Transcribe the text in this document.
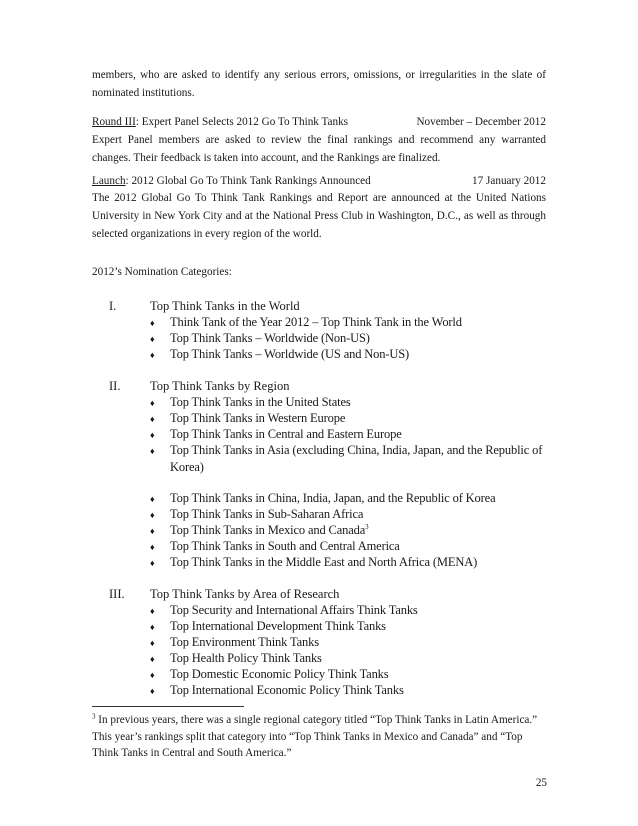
members, who are asked to identify any serious errors, omissions, or irregularities in the slate of nominated institutions.
Round III: Expert Panel Selects 2012 Go To Think Tanks	November – December 2012
Expert Panel members are asked to review the final rankings and recommend any warranted changes. Their feedback is taken into account, and the Rankings are finalized.
Launch: 2012 Global Go To Think Tank Rankings Announced	17 January 2012
The 2012 Global Go To Think Tank Rankings and Report are announced at the United Nations University in New York City and at the National Press Club in Washington, D.C., as well as through selected organizations in every region of the world.
2012’s Nomination Categories:
I.	Top Think Tanks in the World
♦ Think Tank of the Year 2012 – Top Think Tank in the World
♦ Top Think Tanks – Worldwide (Non-US)
♦ Top Think Tanks – Worldwide (US and Non-US)
II. Top Think Tanks by Region
♦ Top Think Tanks in the United States
♦ Top Think Tanks in Western Europe
♦ Top Think Tanks in Central and Eastern Europe
♦ Top Think Tanks in Asia (excluding China, India, Japan, and the Republic of Korea)
♦ Top Think Tanks in China, India, Japan, and the Republic of Korea
♦ Top Think Tanks in Sub-Saharan Africa
♦ Top Think Tanks in Mexico and Canada$^3$
♦ Top Think Tanks in South and Central America
♦ Top Think Tanks in the Middle East and North Africa (MENA)
III. Top Think Tanks by Area of Research
♦ Top Security and International Affairs Think Tanks
♦ Top International Development Think Tanks
♦ Top Environment Think Tanks
♦ Top Health Policy Think Tanks
♦ Top Domestic Economic Policy Think Tanks
♦ Top International Economic Policy Think Tanks
$^3$ In previous years, there was a single regional category titled “Top Think Tanks in Latin America.” This year’s rankings split that category into “Top Think Tanks in Mexico and Canada” and “Top Think Tanks in Central and South America.”
25
